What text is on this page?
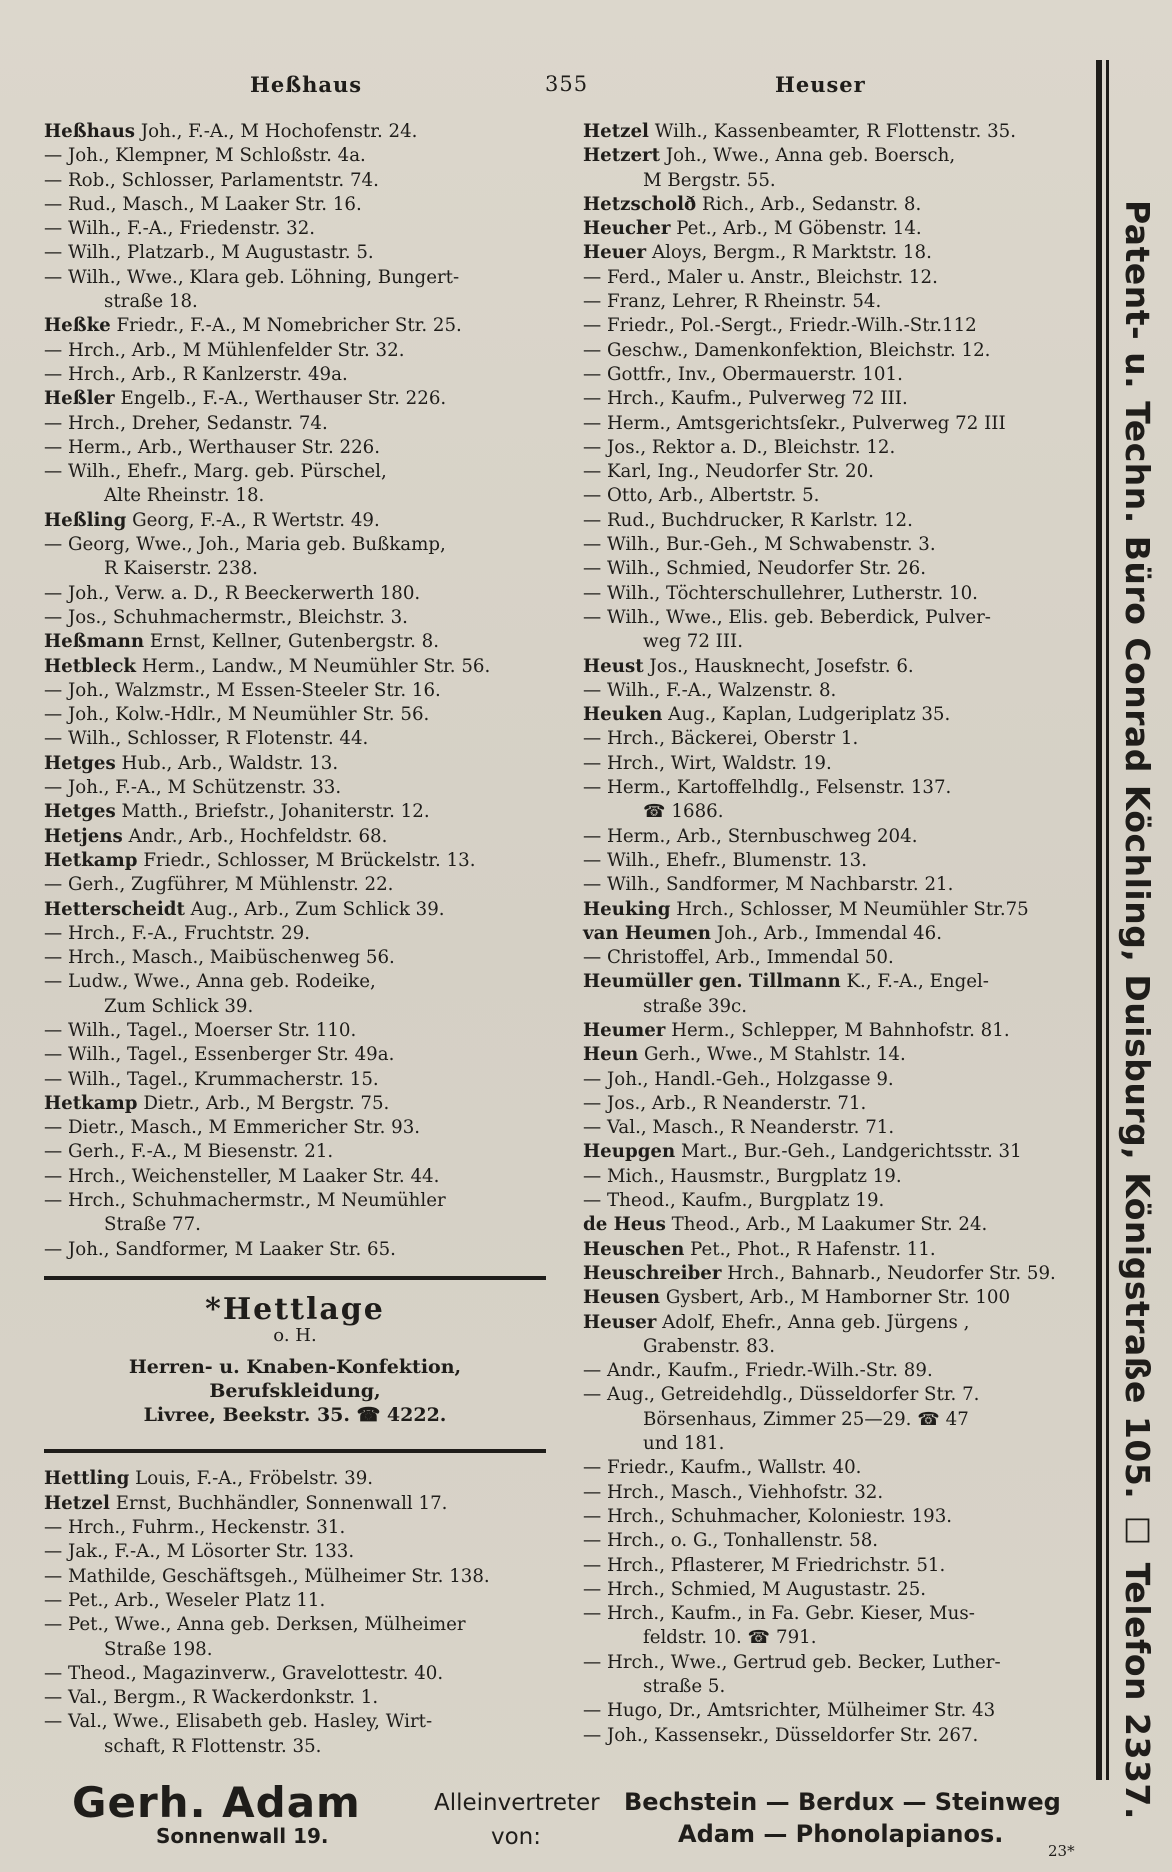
Heßhaus	355	Heuser
Heßhaus Joh., F.-A., M Hochofenstr. 24.
— Joh., Klempner, M Schloßstr. 4a.
— Rob., Schlosser, Parlamentstr. 74.
— Rud., Masch., M Laaker Str. 16.
— Wilh., F.-A., Friedenstr. 32.
— Wilh., Platzarb., M Augustastr. 5.
— Wilh., Wwe., Klara geb. Löhning, Bungert-
straße 18.
Heßke Friedr., F.-A., M Nomebricher Str. 25.
— Hrch., Arb., M Mühlenfelder Str. 32.
— Hrch., Arb., R Kanlzerstr. 49a.
Heßler Engelb., F.-A., Werthauser Str. 226.
— Hrch., Dreher, Sedanstr. 74.
— Herm., Arb., Werthauser Str. 226.
— Wilh., Ehefr., Marg. geb. Pürschel,
Alte Rheinstr. 18.
Heßling Georg, F.-A., R Wertstr. 49.
— Georg, Wwe., Joh., Maria geb. Bußkamp,
R Kaiserstr. 238.
— Joh., Verw. a. D., R Beeckerwerth 180.
— Jos., Schuhmachermstr., Bleichstr. 3.
Heßmann Ernst, Kellner, Gutenbergstr. 8.
Hetbleck Herm., Landw., M Neumühler Str. 56.
— Joh., Walzmstr., M Essen-Steeler Str. 16.
— Joh., Kolw.-Hdlr., M Neumühler Str. 56.
— Wilh., Schlosser, R Flotenstr. 44.
Hetges Hub., Arb., Waldstr. 13.
— Joh., F.-A., M Schützenstr. 33.
Hetges Matth., Briefstr., Johaniterstr. 12.
Hetjens Andr., Arb., Hochfeldstr. 68.
Hetkamp Friedr., Schlosser, M Brückelstr. 13.
— Gerh., Zugführer, M Mühlenstr. 22.
Hetterscheidt Aug., Arb., Zum Schlick 39.
— Hrch., F.-A., Fruchtstr. 29.
— Hrch., Masch., Maibüschenweg 56.
— Ludw., Wwe., Anna geb. Rodeike,
Zum Schlick 39.
— Wilh., Tagel., Moerser Str. 110.
— Wilh., Tagel., Essenberger Str. 49a.
— Wilh., Tagel., Krummacherstr. 15.
Hetkamp Dietr., Arb., M Bergstr. 75.
— Dietr., Masch., M Emmericher Str. 93.
— Gerh., F.-A., M Biesenstr. 21.
— Hrch., Weichensteller, M Laaker Str. 44.
— Hrch., Schuhmachermstr., M Neumühler
Straße 77.
— Joh., Sandformer, M Laaker Str. 65.
*Hettlage
o. H.
Herren- u. Knaben-Konfektion, Berufskleidung,
Livree, Beekstr. 35. ☎ 4222.
Hettling Louis, F.-A., Fröbelstr. 39.
Hetzel Ernst, Buchhändler, Sonnenwall 17.
— Hrch., Fuhrm., Heckenstr. 31.
— Jak., F.-A., M Lösorter Str. 133.
— Mathilde, Geschäftsgeh., Mülheimer Str. 138.
— Pet., Arb., Weseler Platz 11.
— Pet., Wwe., Anna geb. Derksen, Mülheimer
Straße 198.
— Theod., Magazinverw., Gravelottestr. 40.
— Val., Bergm., R Wackerdonkstr. 1.
— Val., Wwe., Elisabeth geb. Hasley, Wirt-
schaft, R Flottenstr. 35.
Hetzel Wilh., Kassenbeamter, R Flottenstr. 35.
Hetzert Joh., Wwe., Anna geb. Boersch,
M Bergstr. 55.
Hetzscholð Rich., Arb., Sedanstr. 8.
Heucher Pet., Arb., M Göbenstr. 14.
Heuer Aloys, Bergm., R Marktstr. 18.
— Ferd., Maler u. Anstr., Bleichstr. 12.
— Franz, Lehrer, R Rheinstr. 54.
— Friedr., Pol.-Sergt., Friedr.-Wilh.-Str.112
— Geschw., Damenkonfektion, Bleichstr. 12.
— Gottfr., Inv., Obermauerstr. 101.
— Hrch., Kaufm., Pulverweg 72 III.
— Herm., Amtsgerichtsſekr., Pulverweg 72 III
— Jos., Rektor a. D., Bleichstr. 12.
— Karl, Ing., Neudorfer Str. 20.
— Otto, Arb., Albertstr. 5.
— Rud., Buchdrucker, R Karlstr. 12.
— Wilh., Bur.-Geh., M Schwabenstr. 3.
— Wilh., Schmied, Neudorfer Str. 26.
— Wilh., Töchterschullehrer, Lutherstr. 10.
— Wilh., Wwe., Elis. geb. Beberdick, Pulver-
weg 72 III.
Heust Jos., Hausknecht, Josefstr. 6.
— Wilh., F.-A., Walzenstr. 8.
Heuken Aug., Kaplan, Ludgeriplatz 35.
— Hrch., Bäckerei, Oberstr 1.
— Hrch., Wirt, Waldstr. 19.
— Herm., Kartoffelhdlg., Felsenstr. 137.
☎ 1686.
— Herm., Arb., Sternbuschweg 204.
— Wilh., Ehefr., Blumenstr. 13.
— Wilh., Sandformer, M Nachbarstr. 21.
Heuking Hrch., Schlosser, M Neumühler Str.75
van Heumen Joh., Arb., Immendal 46.
— Christoffel, Arb., Immendal 50.
Heumüller gen. Tillmann K., F.-A., Engel-
straße 39c.
Heumer Herm., Schlepper, M Bahnhofstr. 81.
Heun Gerh., Wwe., M Stahlstr. 14.
— Joh., Handl.-Geh., Holzgasse 9.
— Jos., Arb., R Neanderstr. 71.
— Val., Masch., R Neanderstr. 71.
Heupgen Mart., Bur.-Geh., Landgerichtsstr. 31
— Mich., Hausmstr., Burgplatz 19.
— Theod., Kaufm., Burgplatz 19.
de Heus Theod., Arb., M Laakumer Str. 24.
Heuschen Pet., Phot., R Hafenstr. 11.
Heuschreiber Hrch., Bahnarb., Neudorfer Str. 59.
Heusen Gysbert, Arb., M Hamborner Str. 100
Heuser Adolf, Ehefr., Anna geb. Jürgens ,
Grabenstr. 83.
— Andr., Kaufm., Friedr.-Wilh.-Str. 89.
— Aug., Getreidehdlg., Düsseldorfer Str. 7.
Börsenhaus, Zimmer 25—29. ☎ 47
und 181.
— Friedr., Kaufm., Wallstr. 40.
— Hrch., Masch., Viehhofstr. 32.
— Hrch., Schuhmacher, Koloniestr. 193.
— Hrch., o. G., Tonhallenstr. 58.
— Hrch., Pflasterer, M Friedrichstr. 51.
— Hrch., Schmied, M Augustastr. 25.
— Hrch., Kaufm., in Fa. Gebr. Kieser, Mus-
feldstr. 10. ☎ 791.
— Hrch., Wwe., Gertrud geb. Becker, Luther-
straße 5.
— Hugo, Dr., Amtsrichter, Mülheimer Str. 43
— Joh., Kassensekr., Düsseldorfer Str. 267.	Patent- u. Techn. Büro Conrad Köchling, Duisburg, Königstraße 105. ☐ Telefon 2337.
Gerh. Adam
Sonnenwall 19.
Alleinvertreter
von:
Bechstein — Berdux — Steinweg
Adam — Phonolapianos.
23*
